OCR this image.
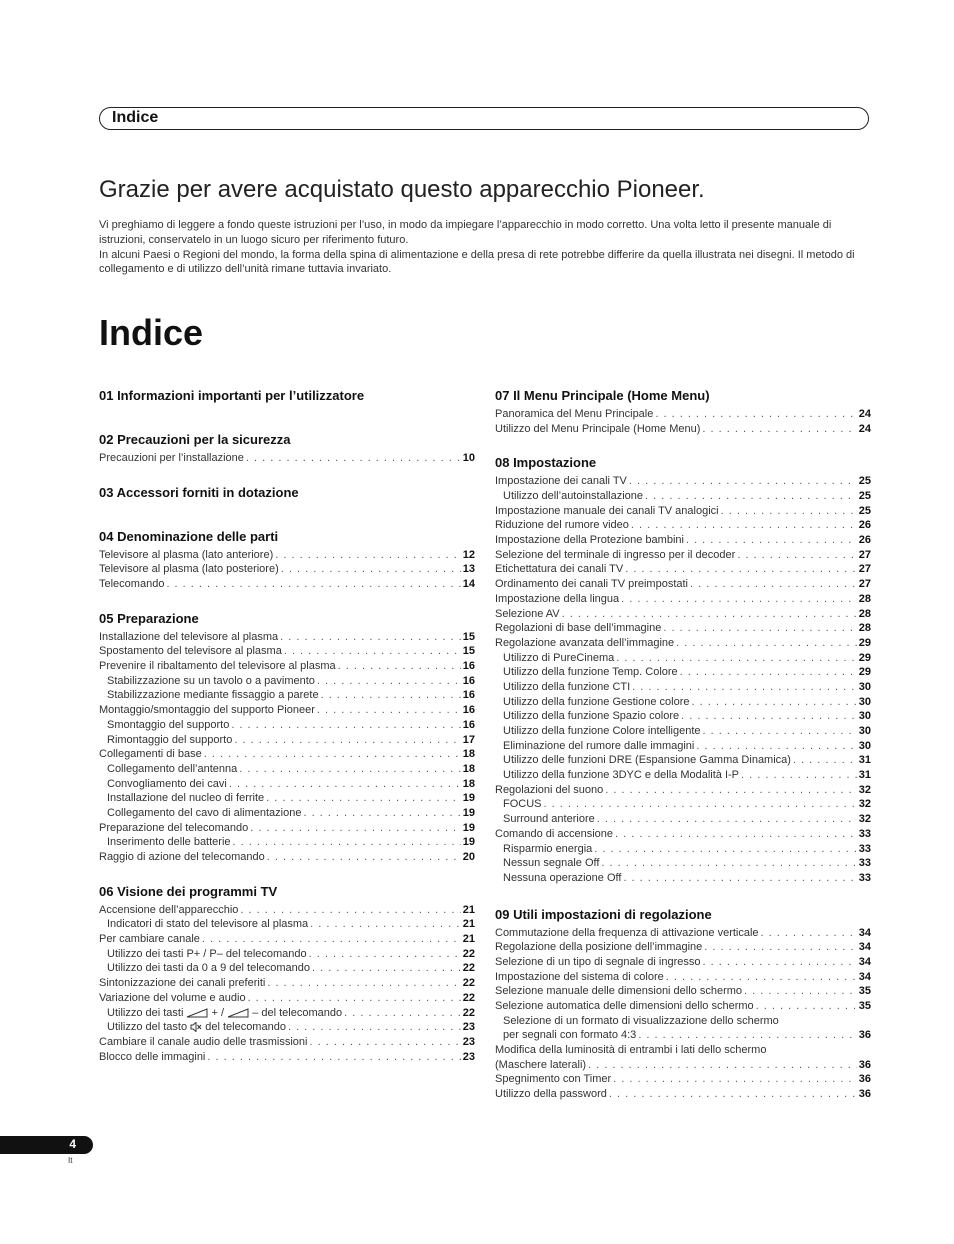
Indice
Grazie per avere acquistato questo apparecchio Pioneer.

Vi preghiamo di leggere a fondo queste istruzioni per l’uso, in modo da impiegare l’apparecchio in modo corretto. Una volta letto il presente manuale di istruzioni, conservatelo in un luogo sicuro per riferimento futuro.

In alcuni Paesi o Regioni del mondo, la forma della spina di alimentazione e della presa di rete potrebbe differire da quella illustrata nei disegni. Il metodo di collegamento e di utilizzo dell’unità rimane tuttavia invariato.

Indice
01 Informazioni importanti per l’utilizzatore
02 Precauzioni per la sicurezza
Precauzioni per l’installazione . . .	10
03 Accessori forniti in dotazione
04 Denominazione delle parti
Televisore al plasma (lato anteriore) . . .	12
Televisore al plasma (lato posteriore) . . .	13
Telecomando . . .	14
05 Preparazione
Installazione del televisore al plasma . . .	15
Spostamento del televisore al plasma . . .	15
Prevenire il ribaltamento del televisore al plasma . . .	16
Stabilizzazione su un tavolo o a pavimento . . .	16
Stabilizzazione mediante fissaggio a parete . . .	16
Montaggio/smontaggio del supporto Pioneer . . .	16
Smontaggio del supporto . . .	16
Rimontaggio del supporto . . .	17
Collegamenti di base . . .	18
Collegamento dell’antenna . . .	18
Convogliamento dei cavi . . .	18
Installazione del nucleo di ferrite . . .	19
Collegamento del cavo di alimentazione . . .	19
Preparazione del telecomando . . .	19
Inserimento delle batterie . . .	19
Raggio di azione del telecomando . . .	20
06 Visione dei programmi TV
Accensione dell’apparecchio . . .	21
Indicatori di stato del televisore al plasma . . .	21
Per cambiare canale . . .	21
Utilizzo dei tasti P+ / P– del telecomando . . .	22
Utilizzo dei tasti da 0 a 9 del telecomando . . .	22
Sintonizzazione dei canali preferiti . . .	22
Variazione del volume e audio . . .	22
Utilizzo dei tasti	+ /	– del telecomando . . .	22
Utilizzo del tasto del telecomando . . .	23
Cambiare il canale audio delle trasmissioni . . .	23
Blocco delle immagini . . .	23
07 Il Menu Principale (Home Menu)
Panoramica del Menu Principale . . .	24
Utilizzo del Menu Principale (Home Menu) . . .	24
08 Impostazione
Impostazione dei canali TV . . .	25
Utilizzo dell’autoinstallazione . . .	25
Impostazione manuale dei canali TV analogici . . .	25
Riduzione del rumore video . . .	26
Impostazione della Protezione bambini . . .	26
Selezione del terminale di ingresso per il decoder . . .	27
Etichettatura dei canali TV . . .	27
Ordinamento dei canali TV preimpostati . . .	27
Impostazione della lingua . . .	28
Selezione AV . . .	28
Regolazioni di base dell’immagine . . .	28
Regolazione avanzata dell’immagine . . .	29
Utilizzo di PureCinema . . .	29
Utilizzo della funzione Temp. Colore . . .	29
Utilizzo della funzione CTI . . .	30
Utilizzo della funzione Gestione colore . . .	30
Utilizzo della funzione Spazio colore . . .	30
Utilizzo della funzione Colore intelligente . . .	30
Eliminazione del rumore dalle immagini . . .	30
Utilizzo delle funzioni DRE (Espansione Gamma Dinamica) . . .	31
Utilizzo della funzione 3DYC e della Modalità I-P . . .	31
Regolazioni del suono . . .	32
FOCUS . . .	32
Surround anteriore . . .	32
Comando di accensione . . .	33
Risparmio energia . . .	33
Nessun segnale Off . . .	33
Nessuna operazione Off . . .	33
09 Utili impostazioni di regolazione
Commutazione della frequenza di attivazione verticale . . .	34
Regolazione della posizione dell’immagine . . .	34
Selezione di un tipo di segnale di ingresso . . .	34
Impostazione del sistema di colore . . .	34
Selezione manuale delle dimensioni dello schermo . . .	35
Selezione automatica delle dimensioni dello schermo . . .	35
Selezione di un formato di visualizzazione dello schermo
per segnali con formato 4:3 . . .	36
Modifica della luminosità di entrambi i lati dello schermo
(Maschere laterali) . . .	36
Spegnimento con Timer . . .	36
Utilizzo della password . . .	36
4
It
